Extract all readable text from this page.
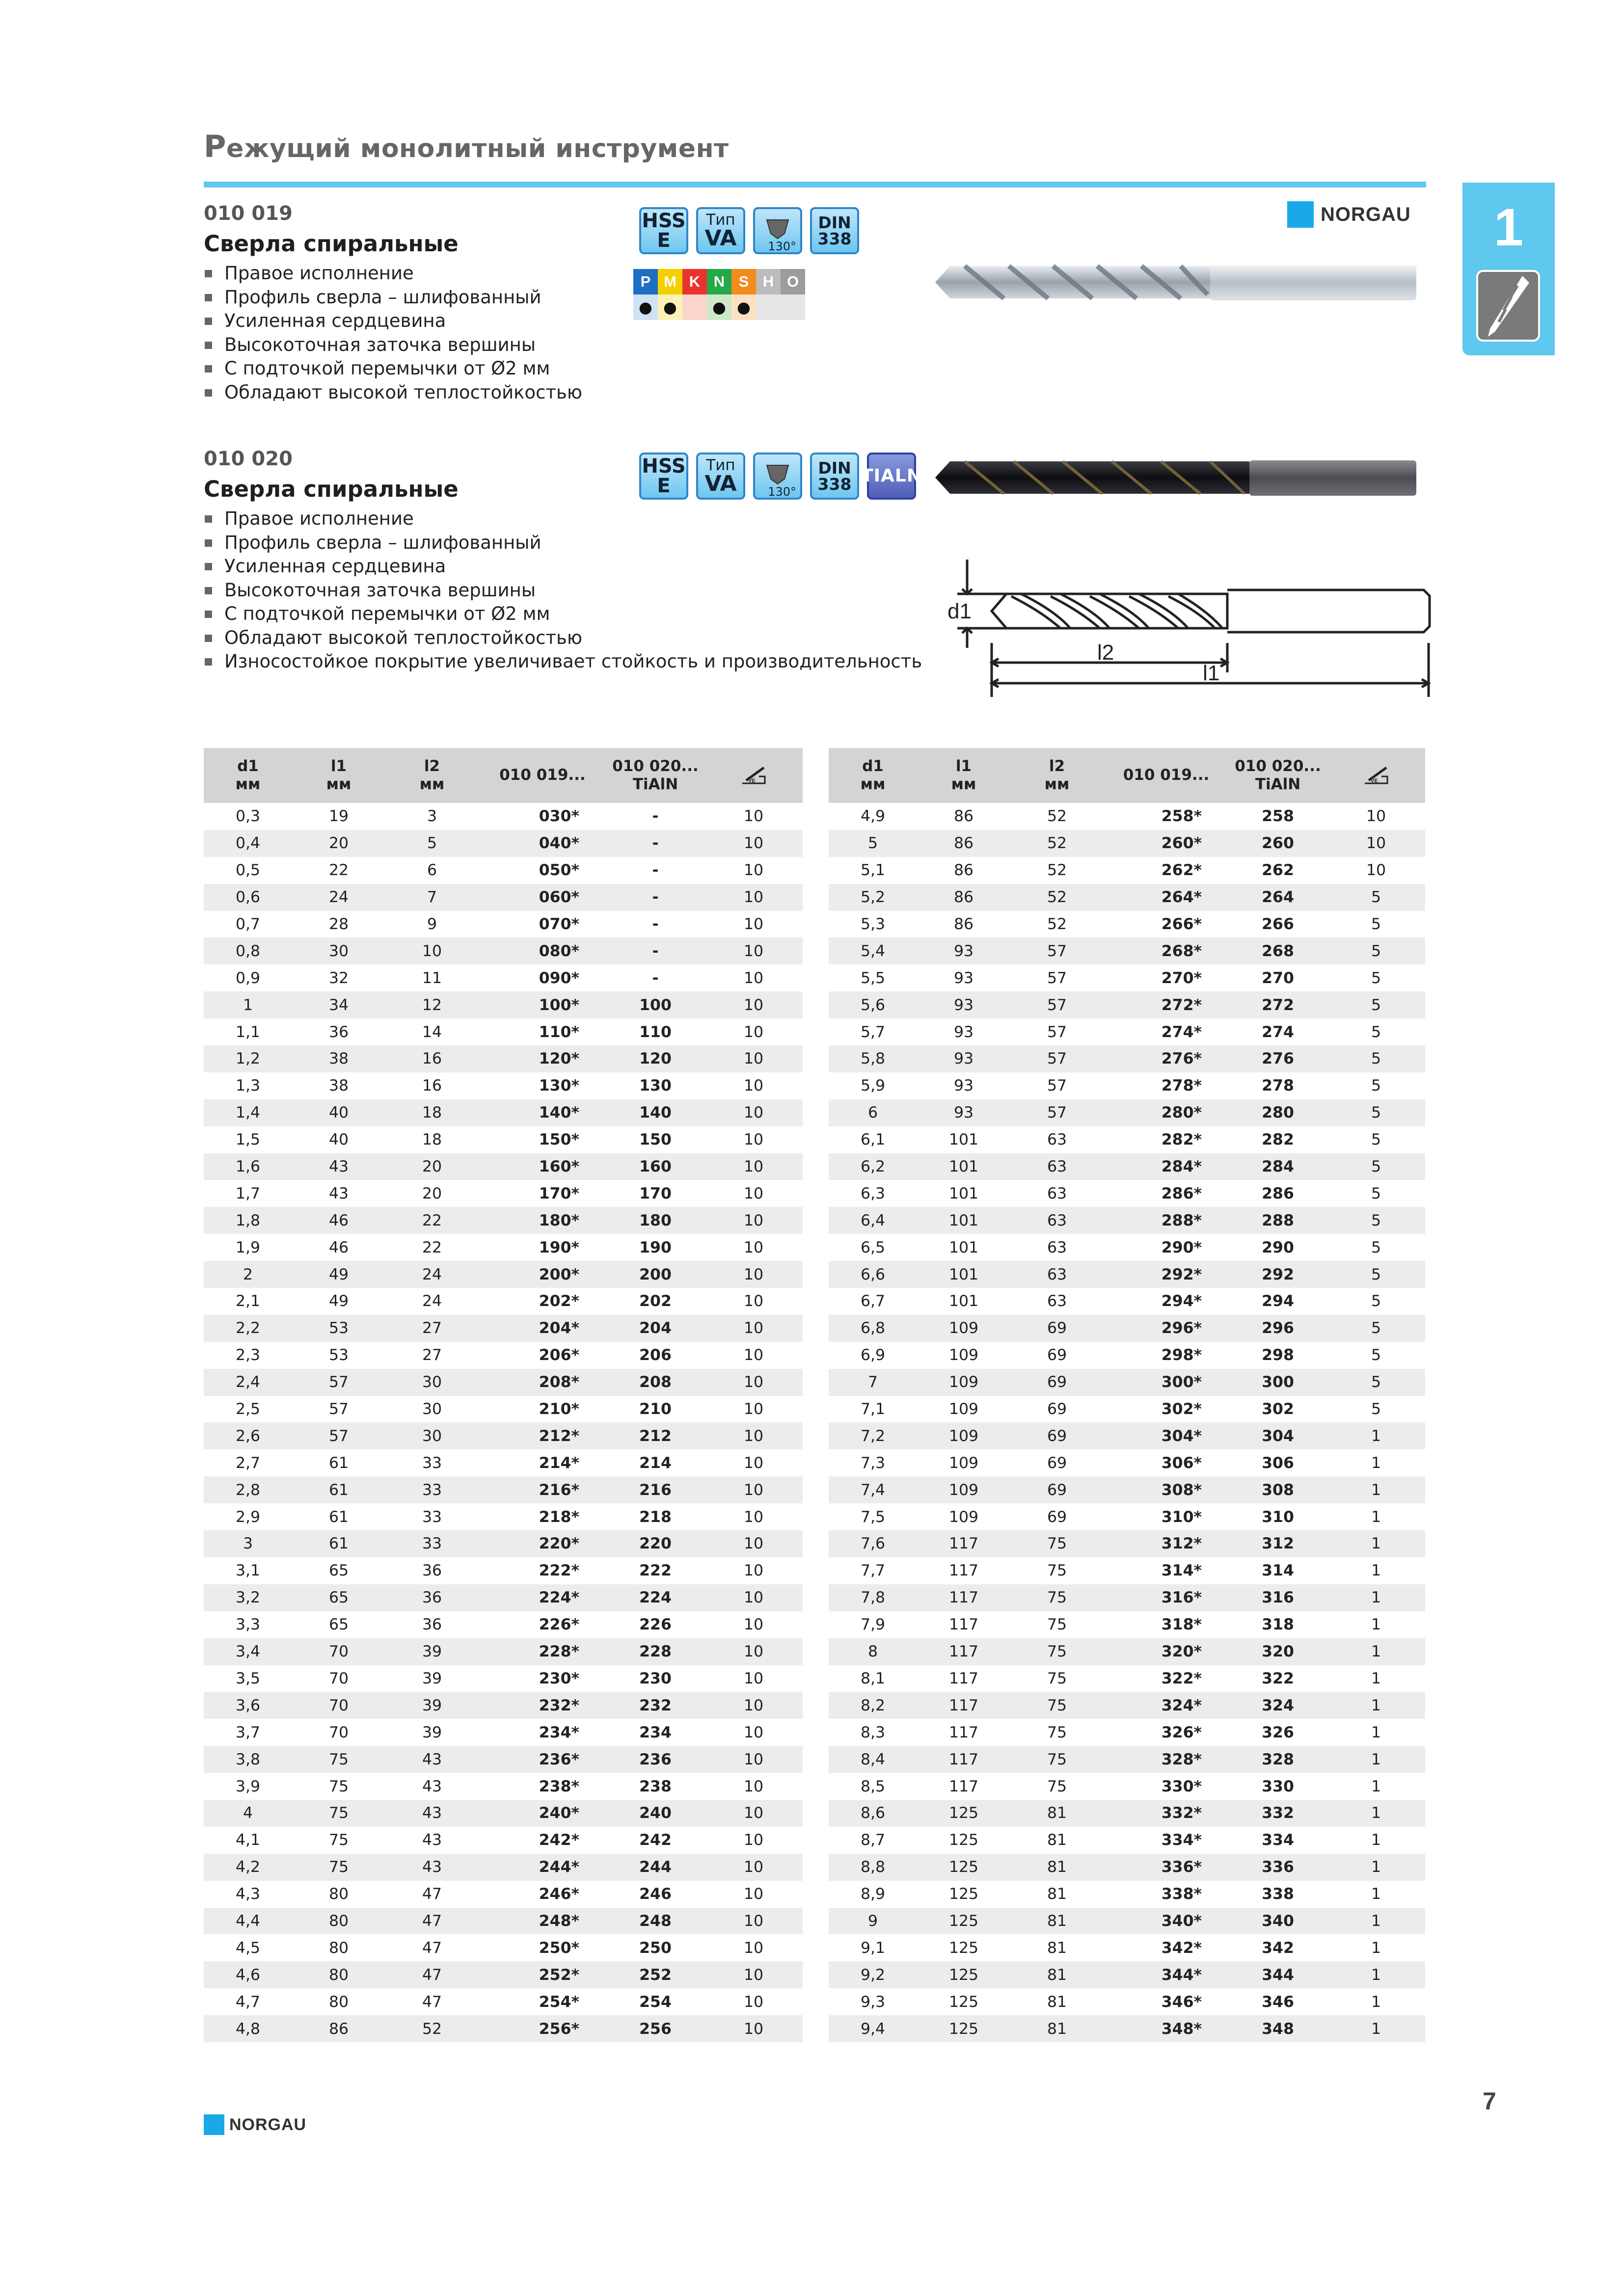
Режущий монолитный инструмент
1
NORGAU
010 019
Сверла спиральные
Правое исполнение
Профиль сверла – шлифованный
Усиленная сердцевина
Высокоточная заточка вершины
С подточкой перемычки от Ø2 мм
Обладают высокой теплостойкостью
HSS
E
Тип
VA	130°
DIN
338
P
●
M
●
K N
●
S
●
H O
010 020
Сверла спиральные
Правое исполнение
Профиль сверла – шлифованный
Усиленная сердцевина
Высокоточная заточка вершины
С подточкой перемычки от Ø2 мм
Обладают высокой теплостойкостью
Износостойкое покрытие увеличивает стойкость и производительность
HSS
E
Тип
VA	130°
DIN
338 TIALN
d1
l2
l1
d1
мм	l1
мм	l2
мм	010 019...	010 020...
TiAlN	VE

0,3	19	3	030*	-	10
0,4	20	5	040*	-	10
0,5	22	6	050*	-	10
0,6	24	7	060*	-	10
0,7	28	9	070*	-	10
0,8	30	10	080*	-	10
0,9	32	11	090*	-	10
1	34	12	100*	100	10
1,1	36	14	110*	110	10
1,2	38	16	120*	120	10
1,3	38	16	130*	130	10
1,4	40	18	140*	140	10
1,5	40	18	150*	150	10
1,6	43	20	160*	160	10
1,7	43	20	170*	170	10
1,8	46	22	180*	180	10
1,9	46	22	190*	190	10
2	49	24	200*	200	10
2,1	49	24	202*	202	10
2,2	53	27	204*	204	10
2,3	53	27	206*	206	10
2,4	57	30	208*	208	10
2,5	57	30	210*	210	10
2,6	57	30	212*	212	10
2,7	61	33	214*	214	10
2,8	61	33	216*	216	10
2,9	61	33	218*	218	10
3	61	33	220*	220	10
3,1	65	36	222*	222	10
3,2	65	36	224*	224	10
3,3	65	36	226*	226	10
3,4	70	39	228*	228	10
3,5	70	39	230*	230	10
3,6	70	39	232*	232	10
3,7	70	39	234*	234	10
3,8	75	43	236*	236	10
3,9	75	43	238*	238	10
4	75	43	240*	240	10
4,1	75	43	242*	242	10
4,2	75	43	244*	244	10
4,3	80	47	246*	246	10
4,4	80	47	248*	248	10
4,5	80	47	250*	250	10
4,6	80	47	252*	252	10
4,7	80	47	254*	254	10
4,8	86	52	256*	256	10
d1
мм	l1
мм	l2
мм	010 019...	010 020...
TiAlN	VE

4,9	86	52	258*	258	10
5	86	52	260*	260	10
5,1	86	52	262*	262	10
5,2	86	52	264*	264	5
5,3	86	52	266*	266	5
5,4	93	57	268*	268	5
5,5	93	57	270*	270	5
5,6	93	57	272*	272	5
5,7	93	57	274*	274	5
5,8	93	57	276*	276	5
5,9	93	57	278*	278	5
6	93	57	280*	280	5
6,1	101	63	282*	282	5
6,2	101	63	284*	284	5
6,3	101	63	286*	286	5
6,4	101	63	288*	288	5
6,5	101	63	290*	290	5
6,6	101	63	292*	292	5
6,7	101	63	294*	294	5
6,8	109	69	296*	296	5
6,9	109	69	298*	298	5
7	109	69	300*	300	5
7,1	109	69	302*	302	5
7,2	109	69	304*	304	1
7,3	109	69	306*	306	1
7,4	109	69	308*	308	1
7,5	109	69	310*	310	1
7,6	117	75	312*	312	1
7,7	117	75	314*	314	1
7,8	117	75	316*	316	1
7,9	117	75	318*	318	1
8	117	75	320*	320	1
8,1	117	75	322*	322	1
8,2	117	75	324*	324	1
8,3	117	75	326*	326	1
8,4	117	75	328*	328	1
8,5	117	75	330*	330	1
8,6	125	81	332*	332	1
8,7	125	81	334*	334	1
8,8	125	81	336*	336	1
8,9	125	81	338*	338	1
9	125	81	340*	340	1
9,1	125	81	342*	342	1
9,2	125	81	344*	344	1
9,3	125	81	346*	346	1
9,4	125	81	348*	348	1
7
NORGAU
